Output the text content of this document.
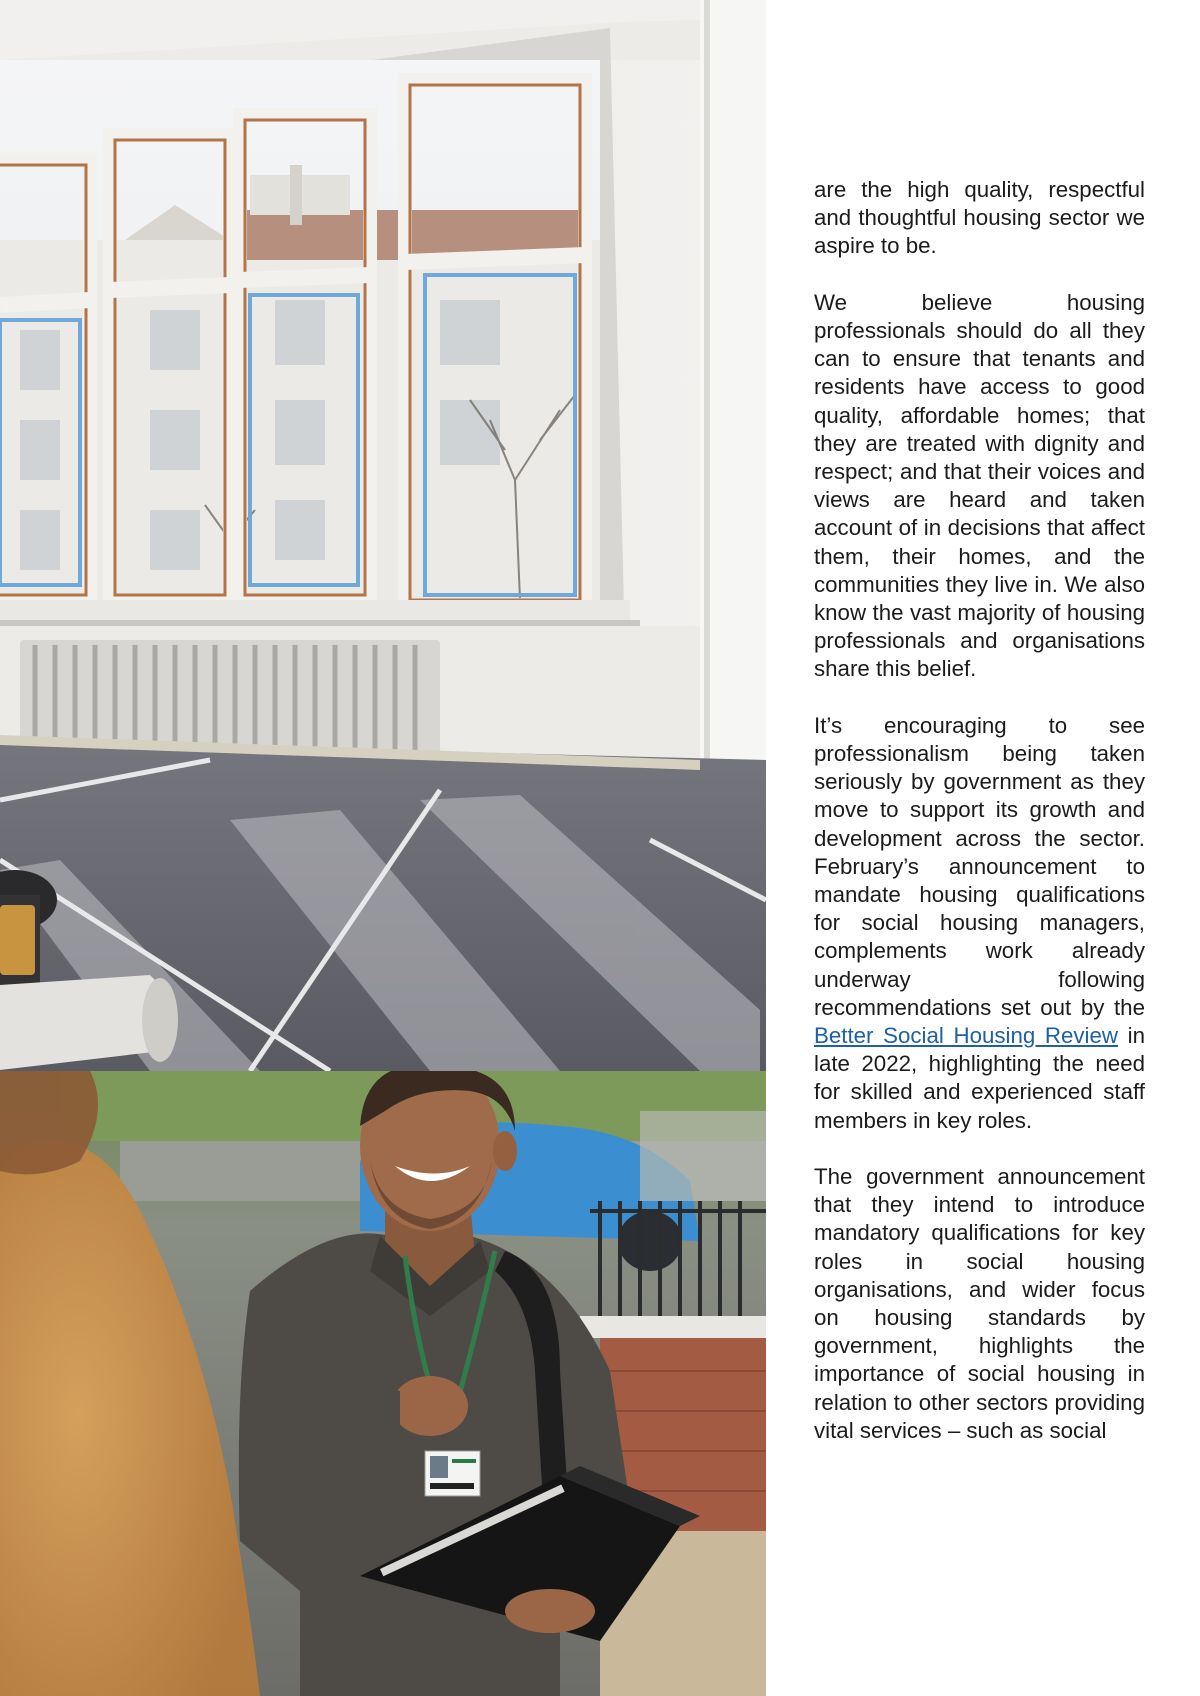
are the high quality, respectful and thoughtful housing sector we aspire to be.

We believe housing professionals should do all they can to ensure that tenants and residents have access to good quality, affordable homes; that they are treated with dignity and respect; and that their voices and views are heard and taken account of in decisions that affect them, their homes, and the communities they live in. We also know the vast majority of housing professionals and organisations share this belief.

It’s encouraging to see professionalism being taken seriously by government as they move to support its growth and development across the sector. February’s announcement to mandate housing qualifications for social housing managers, complements work already underway following recommendations set out by the Better Social Housing Review in late 2022, highlighting the need for skilled and experienced staff members in key roles.

The government announcement that they intend to introduce mandatory qualifications for key roles in social housing organisations, and wider focus on housing standards by government, highlights the importance of social housing in relation to other sectors providing vital services – such as social
